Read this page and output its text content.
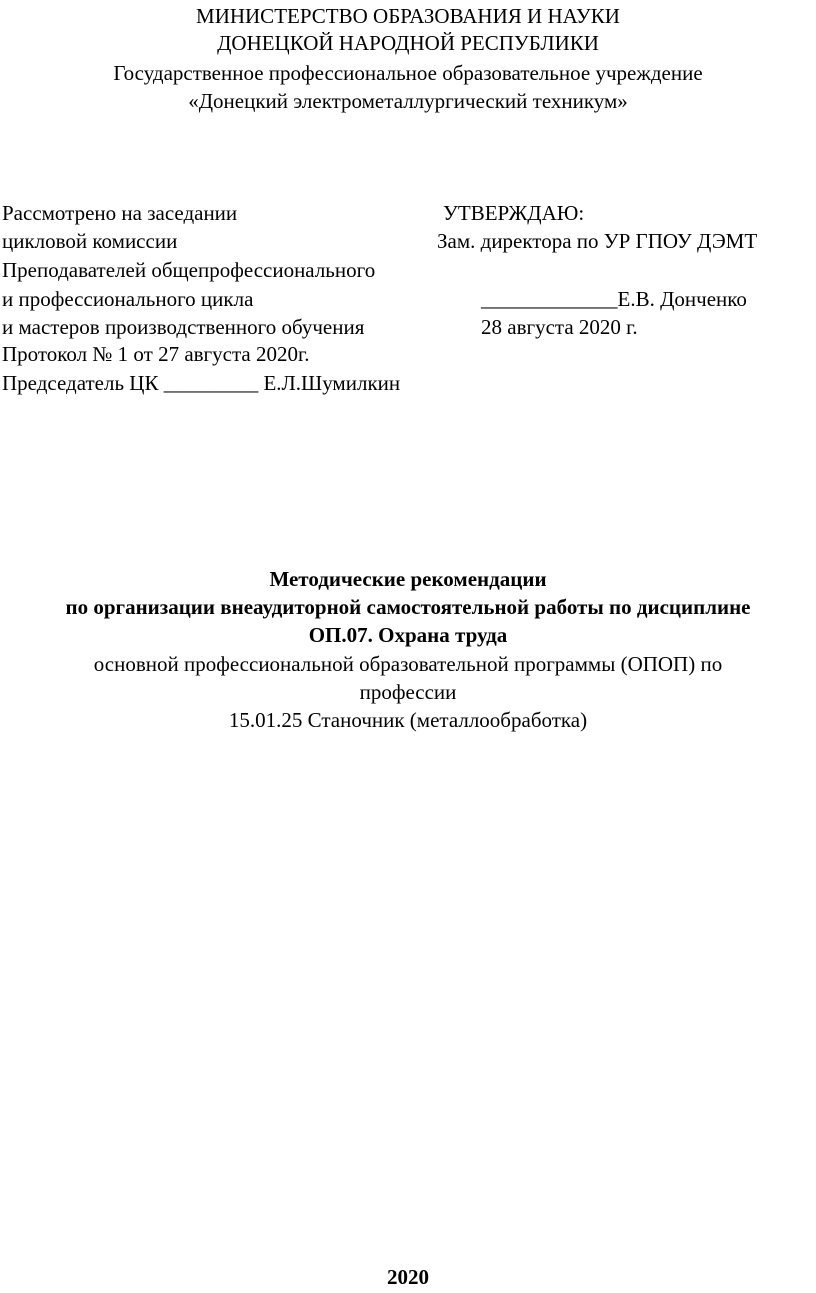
МИНИСТЕРСТВО ОБРАЗОВАНИЯ И НАУКИ
ДОНЕЦКОЙ НАРОДНОЙ РЕСПУБЛИКИ
Государственное профессиональное образовательное учреждение
«Донецкий электрометаллургический техникум»
Рассмотрено на заседании
цикловой комиссии
Преподавателей общепрофессионального
и профессионального цикла
и мастеров производственного обучения
Протокол № 1 от 27 августа 2020г.
Председатель ЦК _________ Е.Л.Шумилкин
УТВЕРЖДАЮ:
Зам. директора по УР ГПОУ ДЭМТ
_____________Е.В. Донченко
28 августа 2020 г.
Методические рекомендации
по организации внеаудиторной самостоятельной работы по дисциплине
ОП.07. Охрана труда
основной профессиональной образовательной программы (ОПОП) по
профессии
15.01.25 Станочник (металлообработка)
2020
